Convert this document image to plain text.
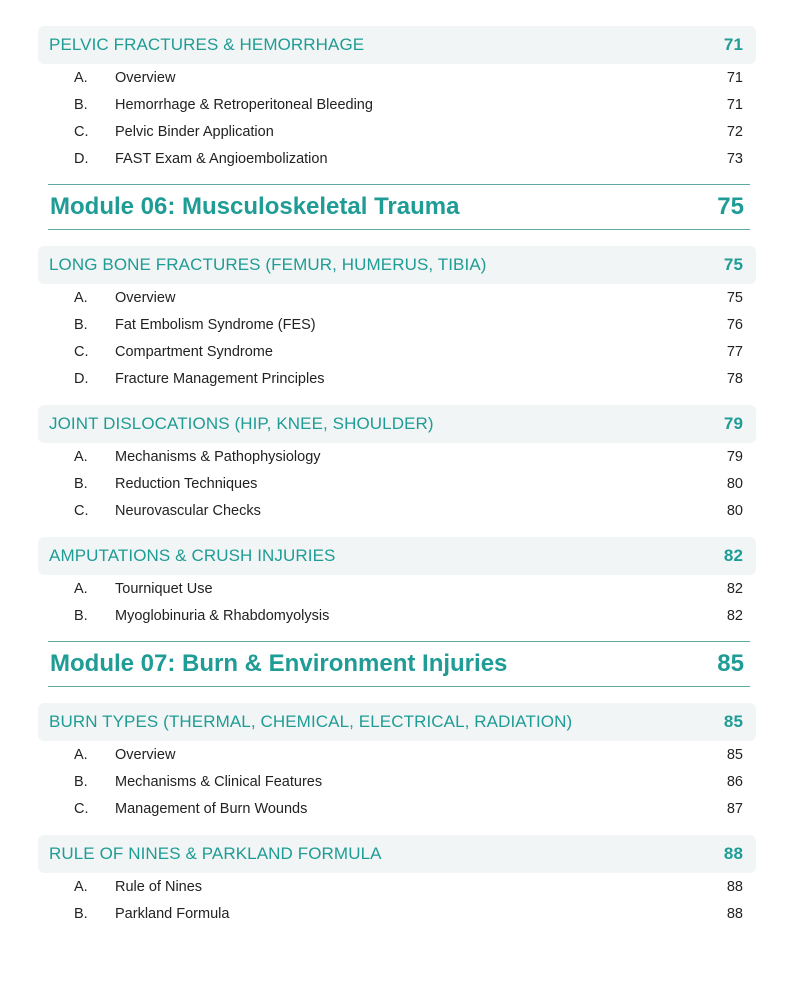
PELVIC FRACTURES & HEMORRHAGE	71
A. Overview	71
B. Hemorrhage & Retroperitoneal Bleeding	71
C. Pelvic Binder Application	72
D. FAST Exam & Angioembolization	73
Module 06: Musculoskeletal Trauma	75
LONG BONE FRACTURES (FEMUR, HUMERUS, TIBIA)	75
A. Overview	75
B. Fat Embolism Syndrome (FES)	76
C. Compartment Syndrome	77
D. Fracture Management Principles	78
JOINT DISLOCATIONS (HIP, KNEE, SHOULDER)	79
A. Mechanisms & Pathophysiology	79
B. Reduction Techniques	80
C. Neurovascular Checks	80
AMPUTATIONS & CRUSH INJURIES	82
A. Tourniquet Use	82
B. Myoglobinuria & Rhabdomyolysis	82
Module 07: Burn & Environment Injuries	85
BURN TYPES (THERMAL, CHEMICAL, ELECTRICAL, RADIATION)	85
A. Overview	85
B. Mechanisms & Clinical Features	86
C. Management of Burn Wounds	87
RULE OF NINES & PARKLAND FORMULA	88
A. Rule of Nines	88
B. Parkland Formula	88
